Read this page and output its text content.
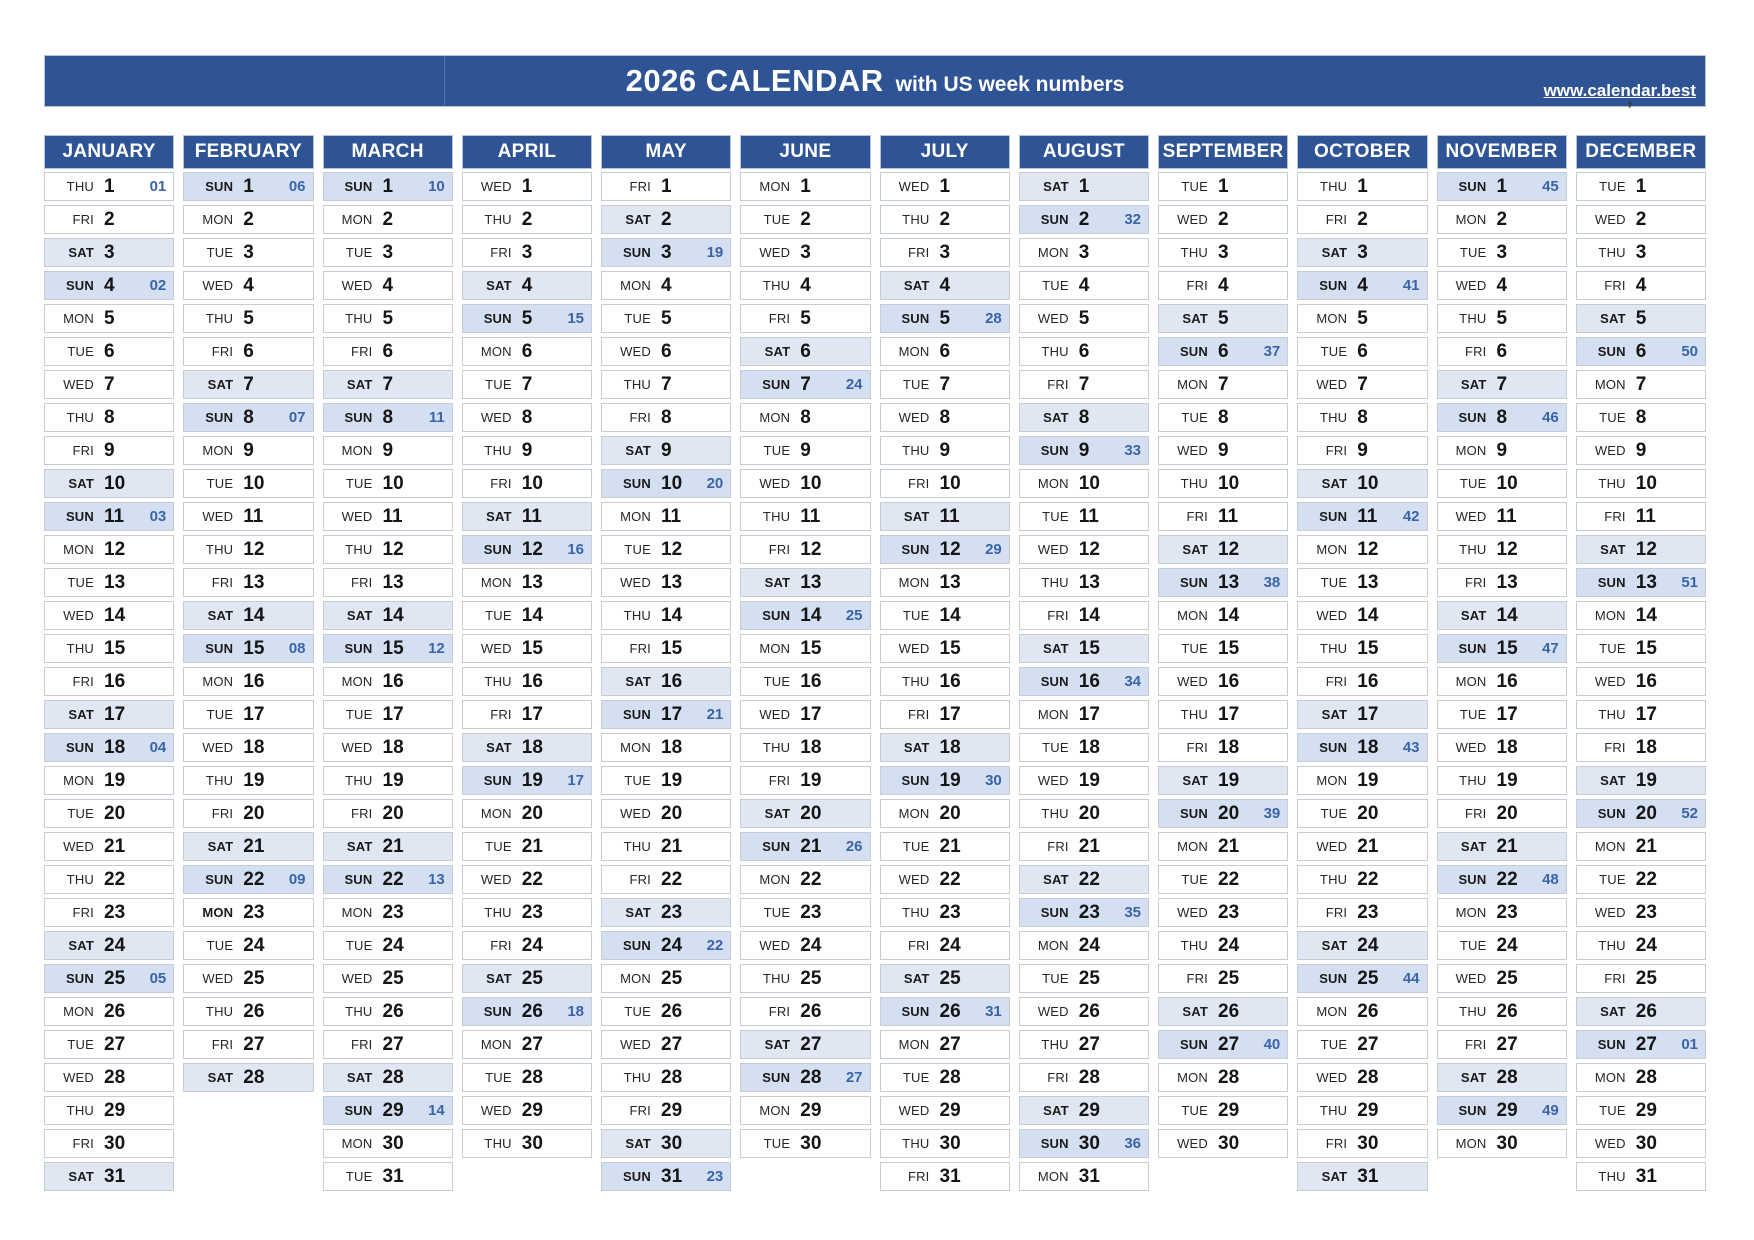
2026 CALENDAR with US week numbers	www.calendar.best
’
JANUARY
THU 1 01
FRI 2
SAT 3
SUN 4 02
MON 5
TUE 6
WED 7
THU 8
FRI 9
SAT 10
SUN 11 03
MON 12
TUE 13
WED 14
THU 15
FRI 16
SAT 17
SUN 18 04
MON 19
TUE 20
WED 21
THU 22
FRI 23
SAT 24
SUN 25 05
MON 26
TUE 27
WED 28
THU 29
FRI 30
SAT 31
FEBRUARY
SUN 1 06
MON 2
TUE 3
WED 4
THU 5
FRI 6
SAT 7
SUN 8 07
MON 9
TUE 10
WED 11
THU 12
FRI 13
SAT 14
SUN 15 08
MON 16
TUE 17
WED 18
THU 19
FRI 20
SAT 21
SUN 22 09
MON 23
TUE 24
WED 25
THU 26
FRI 27
SAT 28
MARCH
SUN 1 10
MON 2
TUE 3
WED 4
THU 5
FRI 6
SAT 7
SUN 8 11
MON 9
TUE 10
WED 11
THU 12
FRI 13
SAT 14
SUN 15 12
MON 16
TUE 17
WED 18
THU 19
FRI 20
SAT 21
SUN 22 13
MON 23
TUE 24
WED 25
THU 26
FRI 27
SAT 28
SUN 29 14
MON 30
TUE 31
APRIL
WED 1
THU 2
FRI 3
SAT 4
SUN 5 15
MON 6
TUE 7
WED 8
THU 9
FRI 10
SAT 11
SUN 12 16
MON 13
TUE 14
WED 15
THU 16
FRI 17
SAT 18
SUN 19 17
MON 20
TUE 21
WED 22
THU 23
FRI 24
SAT 25
SUN 26 18
MON 27
TUE 28
WED 29
THU 30
MAY
FRI 1
SAT 2
SUN 3 19
MON 4
TUE 5
WED 6
THU 7
FRI 8
SAT 9
SUN 10 20
MON 11
TUE 12
WED 13
THU 14
FRI 15
SAT 16
SUN 17 21
MON 18
TUE 19
WED 20
THU 21
FRI 22
SAT 23
SUN 24 22
MON 25
TUE 26
WED 27
THU 28
FRI 29
SAT 30
SUN 31 23
JUNE
MON 1
TUE 2
WED 3
THU 4
FRI 5
SAT 6
SUN 7 24
MON 8
TUE 9
WED 10
THU 11
FRI 12
SAT 13
SUN 14 25
MON 15
TUE 16
WED 17
THU 18
FRI 19
SAT 20
SUN 21 26
MON 22
TUE 23
WED 24
THU 25
FRI 26
SAT 27
SUN 28 27
MON 29
TUE 30
JULY
WED 1
THU 2
FRI 3
SAT 4
SUN 5 28
MON 6
TUE 7
WED 8
THU 9
FRI 10
SAT 11
SUN 12 29
MON 13
TUE 14
WED 15
THU 16
FRI 17
SAT 18
SUN 19 30
MON 20
TUE 21
WED 22
THU 23
FRI 24
SAT 25
SUN 26 31
MON 27
TUE 28
WED 29
THU 30
FRI 31
AUGUST
SAT 1
SUN 2 32
MON 3
TUE 4
WED 5
THU 6
FRI 7
SAT 8
SUN 9 33
MON 10
TUE 11
WED 12
THU 13
FRI 14
SAT 15
SUN 16 34
MON 17
TUE 18
WED 19
THU 20
FRI 21
SAT 22
SUN 23 35
MON 24
TUE 25
WED 26
THU 27
FRI 28
SAT 29
SUN 30 36
MON 31
SEPTEMBER
TUE 1
WED 2
THU 3
FRI 4
SAT 5
SUN 6 37
MON 7
TUE 8
WED 9
THU 10
FRI 11
SAT 12
SUN 13 38
MON 14
TUE 15
WED 16
THU 17
FRI 18
SAT 19
SUN 20 39
MON 21
TUE 22
WED 23
THU 24
FRI 25
SAT 26
SUN 27 40
MON 28
TUE 29
WED 30
OCTOBER
THU 1
FRI 2
SAT 3
SUN 4 41
MON 5
TUE 6
WED 7
THU 8
FRI 9
SAT 10
SUN 11 42
MON 12
TUE 13
WED 14
THU 15
FRI 16
SAT 17
SUN 18 43
MON 19
TUE 20
WED 21
THU 22
FRI 23
SAT 24
SUN 25 44
MON 26
TUE 27
WED 28
THU 29
FRI 30
SAT 31
NOVEMBER
SUN 1 45
MON 2
TUE 3
WED 4
THU 5
FRI 6
SAT 7
SUN 8 46
MON 9
TUE 10
WED 11
THU 12
FRI 13
SAT 14
SUN 15 47
MON 16
TUE 17
WED 18
THU 19
FRI 20
SAT 21
SUN 22 48
MON 23
TUE 24
WED 25
THU 26
FRI 27
SAT 28
SUN 29 49
MON 30
DECEMBER
TUE 1
WED 2
THU 3
FRI 4
SAT 5
SUN 6 50
MON 7
TUE 8
WED 9
THU 10
FRI 11
SAT 12
SUN 13 51
MON 14
TUE 15
WED 16
THU 17
FRI 18
SAT 19
SUN 20 52
MON 21
TUE 22
WED 23
THU 24
FRI 25
SAT 26
SUN 27 01
MON 28
TUE 29
WED 30
THU 31
